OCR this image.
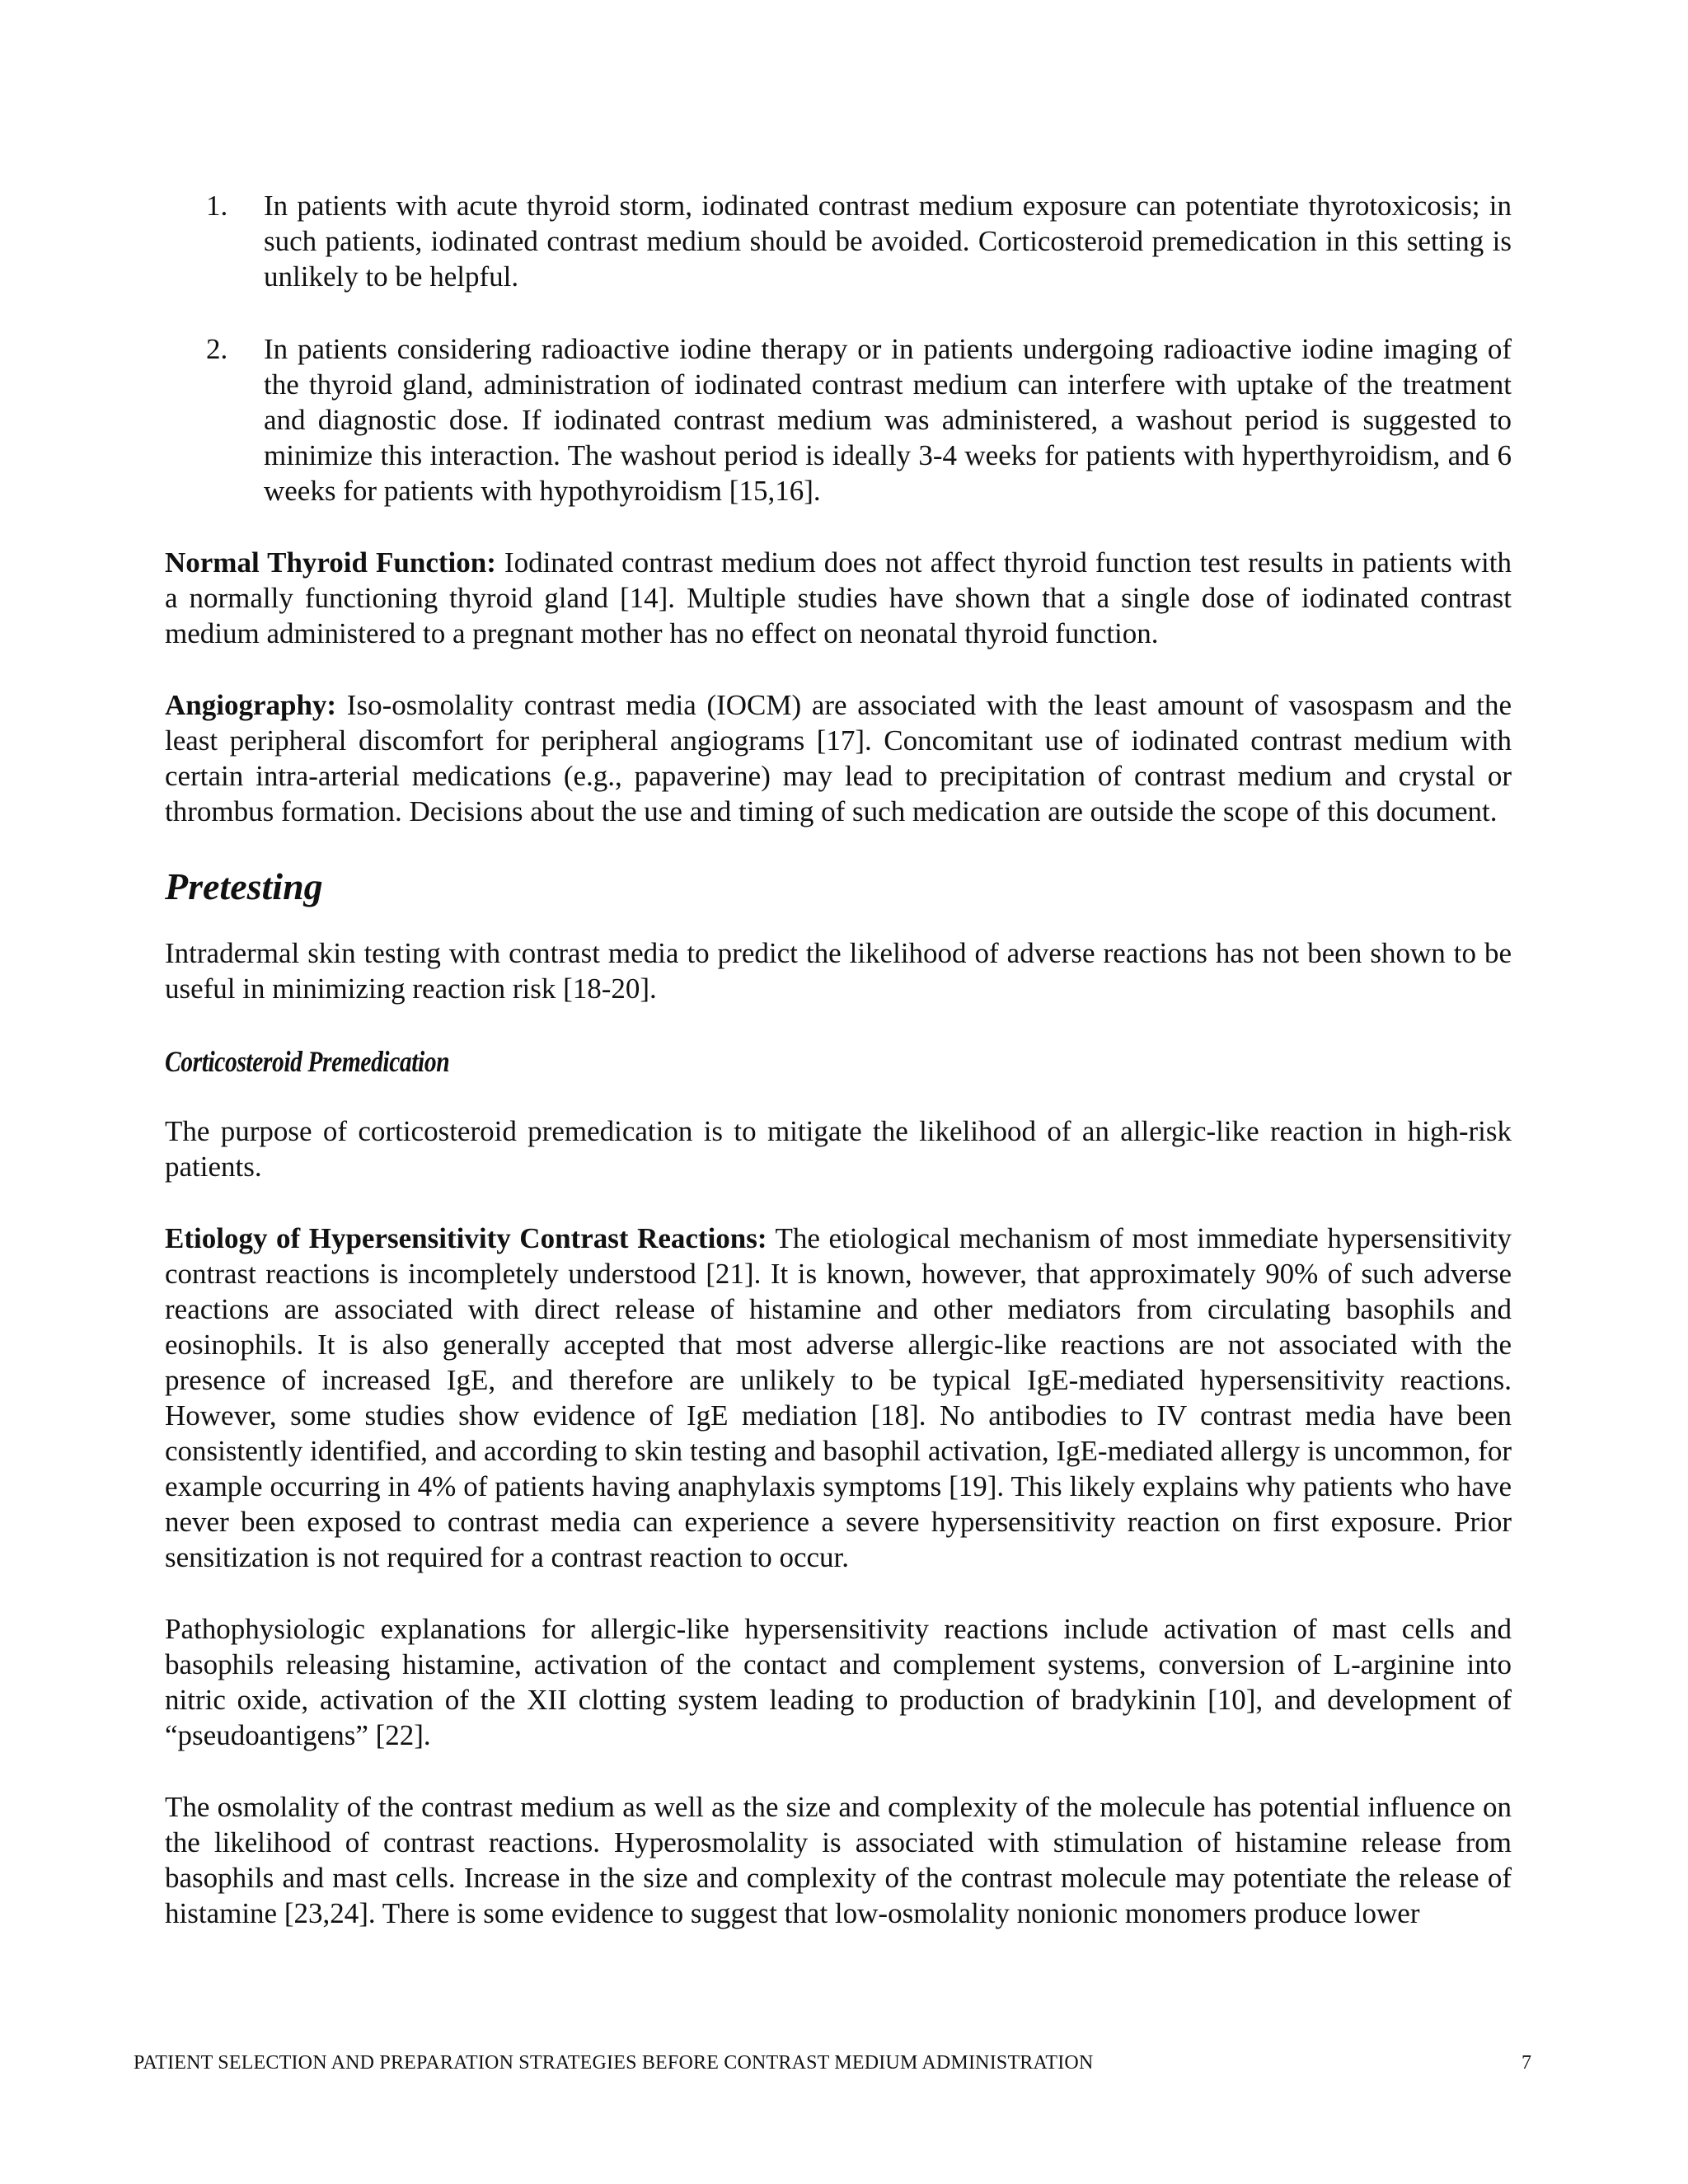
1. In patients with acute thyroid storm, iodinated contrast medium exposure can potentiate thyrotoxicosis; in such patients, iodinated contrast medium should be avoided. Corticosteroid premedication in this setting is unlikely to be helpful.
2. In patients considering radioactive iodine therapy or in patients undergoing radioactive iodine imaging of the thyroid gland, administration of iodinated contrast medium can interfere with uptake of the treatment and diagnostic dose. If iodinated contrast medium was administered, a washout period is suggested to minimize this interaction. The washout period is ideally 3-4 weeks for patients with hyperthyroidism, and 6 weeks for patients with hypothyroidism [15,16].

Normal Thyroid Function: Iodinated contrast medium does not affect thyroid function test results in patients with a normally functioning thyroid gland [14]. Multiple studies have shown that a single dose of iodinated contrast medium administered to a pregnant mother has no effect on neonatal thyroid function.

Angiography: Iso-osmolality contrast media (IOCM) are associated with the least amount of vasospasm and the least peripheral discomfort for peripheral angiograms [17]. Concomitant use of iodinated contrast medium with certain intra-arterial medications (e.g., papaverine) may lead to precipitation of contrast medium and crystal or thrombus formation. Decisions about the use and timing of such medication are outside the scope of this document.

Pretesting

Intradermal skin testing with contrast media to predict the likelihood of adverse reactions has not been shown to be useful in minimizing reaction risk [18-20].

Corticosteroid Premedication

The purpose of corticosteroid premedication is to mitigate the likelihood of an allergic-like reaction in high-risk patients.

Etiology of Hypersensitivity Contrast Reactions: The etiological mechanism of most immediate hypersensitivity contrast reactions is incompletely understood [21]. It is known, however, that approximately 90% of such adverse reactions are associated with direct release of histamine and other mediators from circulating basophils and eosinophils. It is also generally accepted that most adverse allergic-like reactions are not associated with the presence of increased IgE, and therefore are unlikely to be typical IgE-mediated hypersensitivity reactions. However, some studies show evidence of IgE mediation [18]. No antibodies to IV contrast media have been consistently identified, and according to skin testing and basophil activation, IgE-mediated allergy is uncommon, for example occurring in 4% of patients having anaphylaxis symptoms [19]. This likely explains why patients who have never been exposed to contrast media can experience a severe hypersensitivity reaction on first exposure. Prior sensitization is not required for a contrast reaction to occur.

Pathophysiologic explanations for allergic-like hypersensitivity reactions include activation of mast cells and basophils releasing histamine, activation of the contact and complement systems, conversion of L-arginine into nitric oxide, activation of the XII clotting system leading to production of bradykinin [10], and development of “pseudoantigens” [22].

The osmolality of the contrast medium as well as the size and complexity of the molecule has potential influence on the likelihood of contrast reactions. Hyperosmolality is associated with stimulation of histamine release from basophils and mast cells. Increase in the size and complexity of the contrast molecule may potentiate the release of histamine [23,24]. There is some evidence to suggest that low-osmolality nonionic monomers produce lower

PATIENT SELECTION AND PREPARATION STRATEGIES BEFORE CONTRAST MEDIUM ADMINISTRATION	7
